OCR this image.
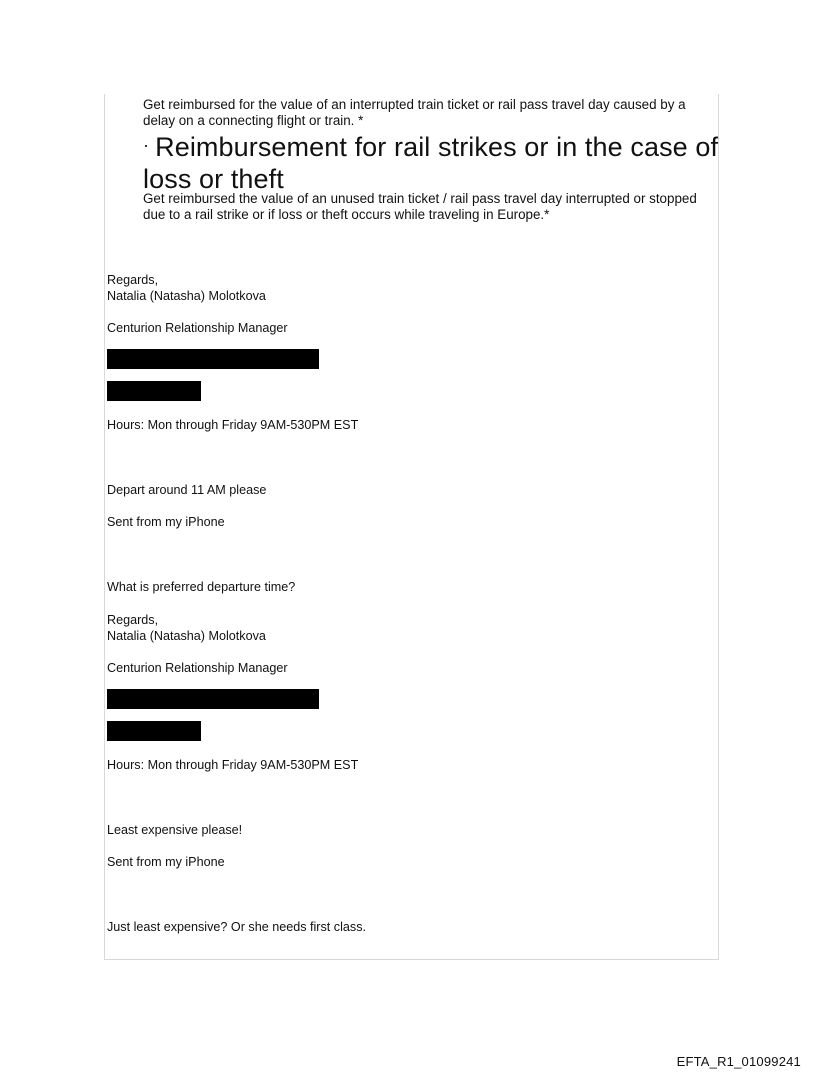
Get reimbursed for the value of an interrupted train ticket or rail pass travel day caused by a delay on a connecting flight or train. *

· Reimbursement for rail strikes or in the case of loss or theft

Get reimbursed the value of an unused train ticket / rail pass travel day interrupted or stopped due to a rail strike or if loss or theft occurs while traveling in Europe.*

Regards,

Natalia (Natasha) Molotkova

Centurion Relationship Manager

Hours: Mon through Friday 9AM-530PM EST

Depart around 11 AM please

Sent from my iPhone

What is preferred departure time?

Regards,

Natalia (Natasha) Molotkova

Centurion Relationship Manager

Hours: Mon through Friday 9AM-530PM EST

Least expensive please!

Sent from my iPhone

Just least expensive? Or she needs first class.

EFTA_R1_01099241
